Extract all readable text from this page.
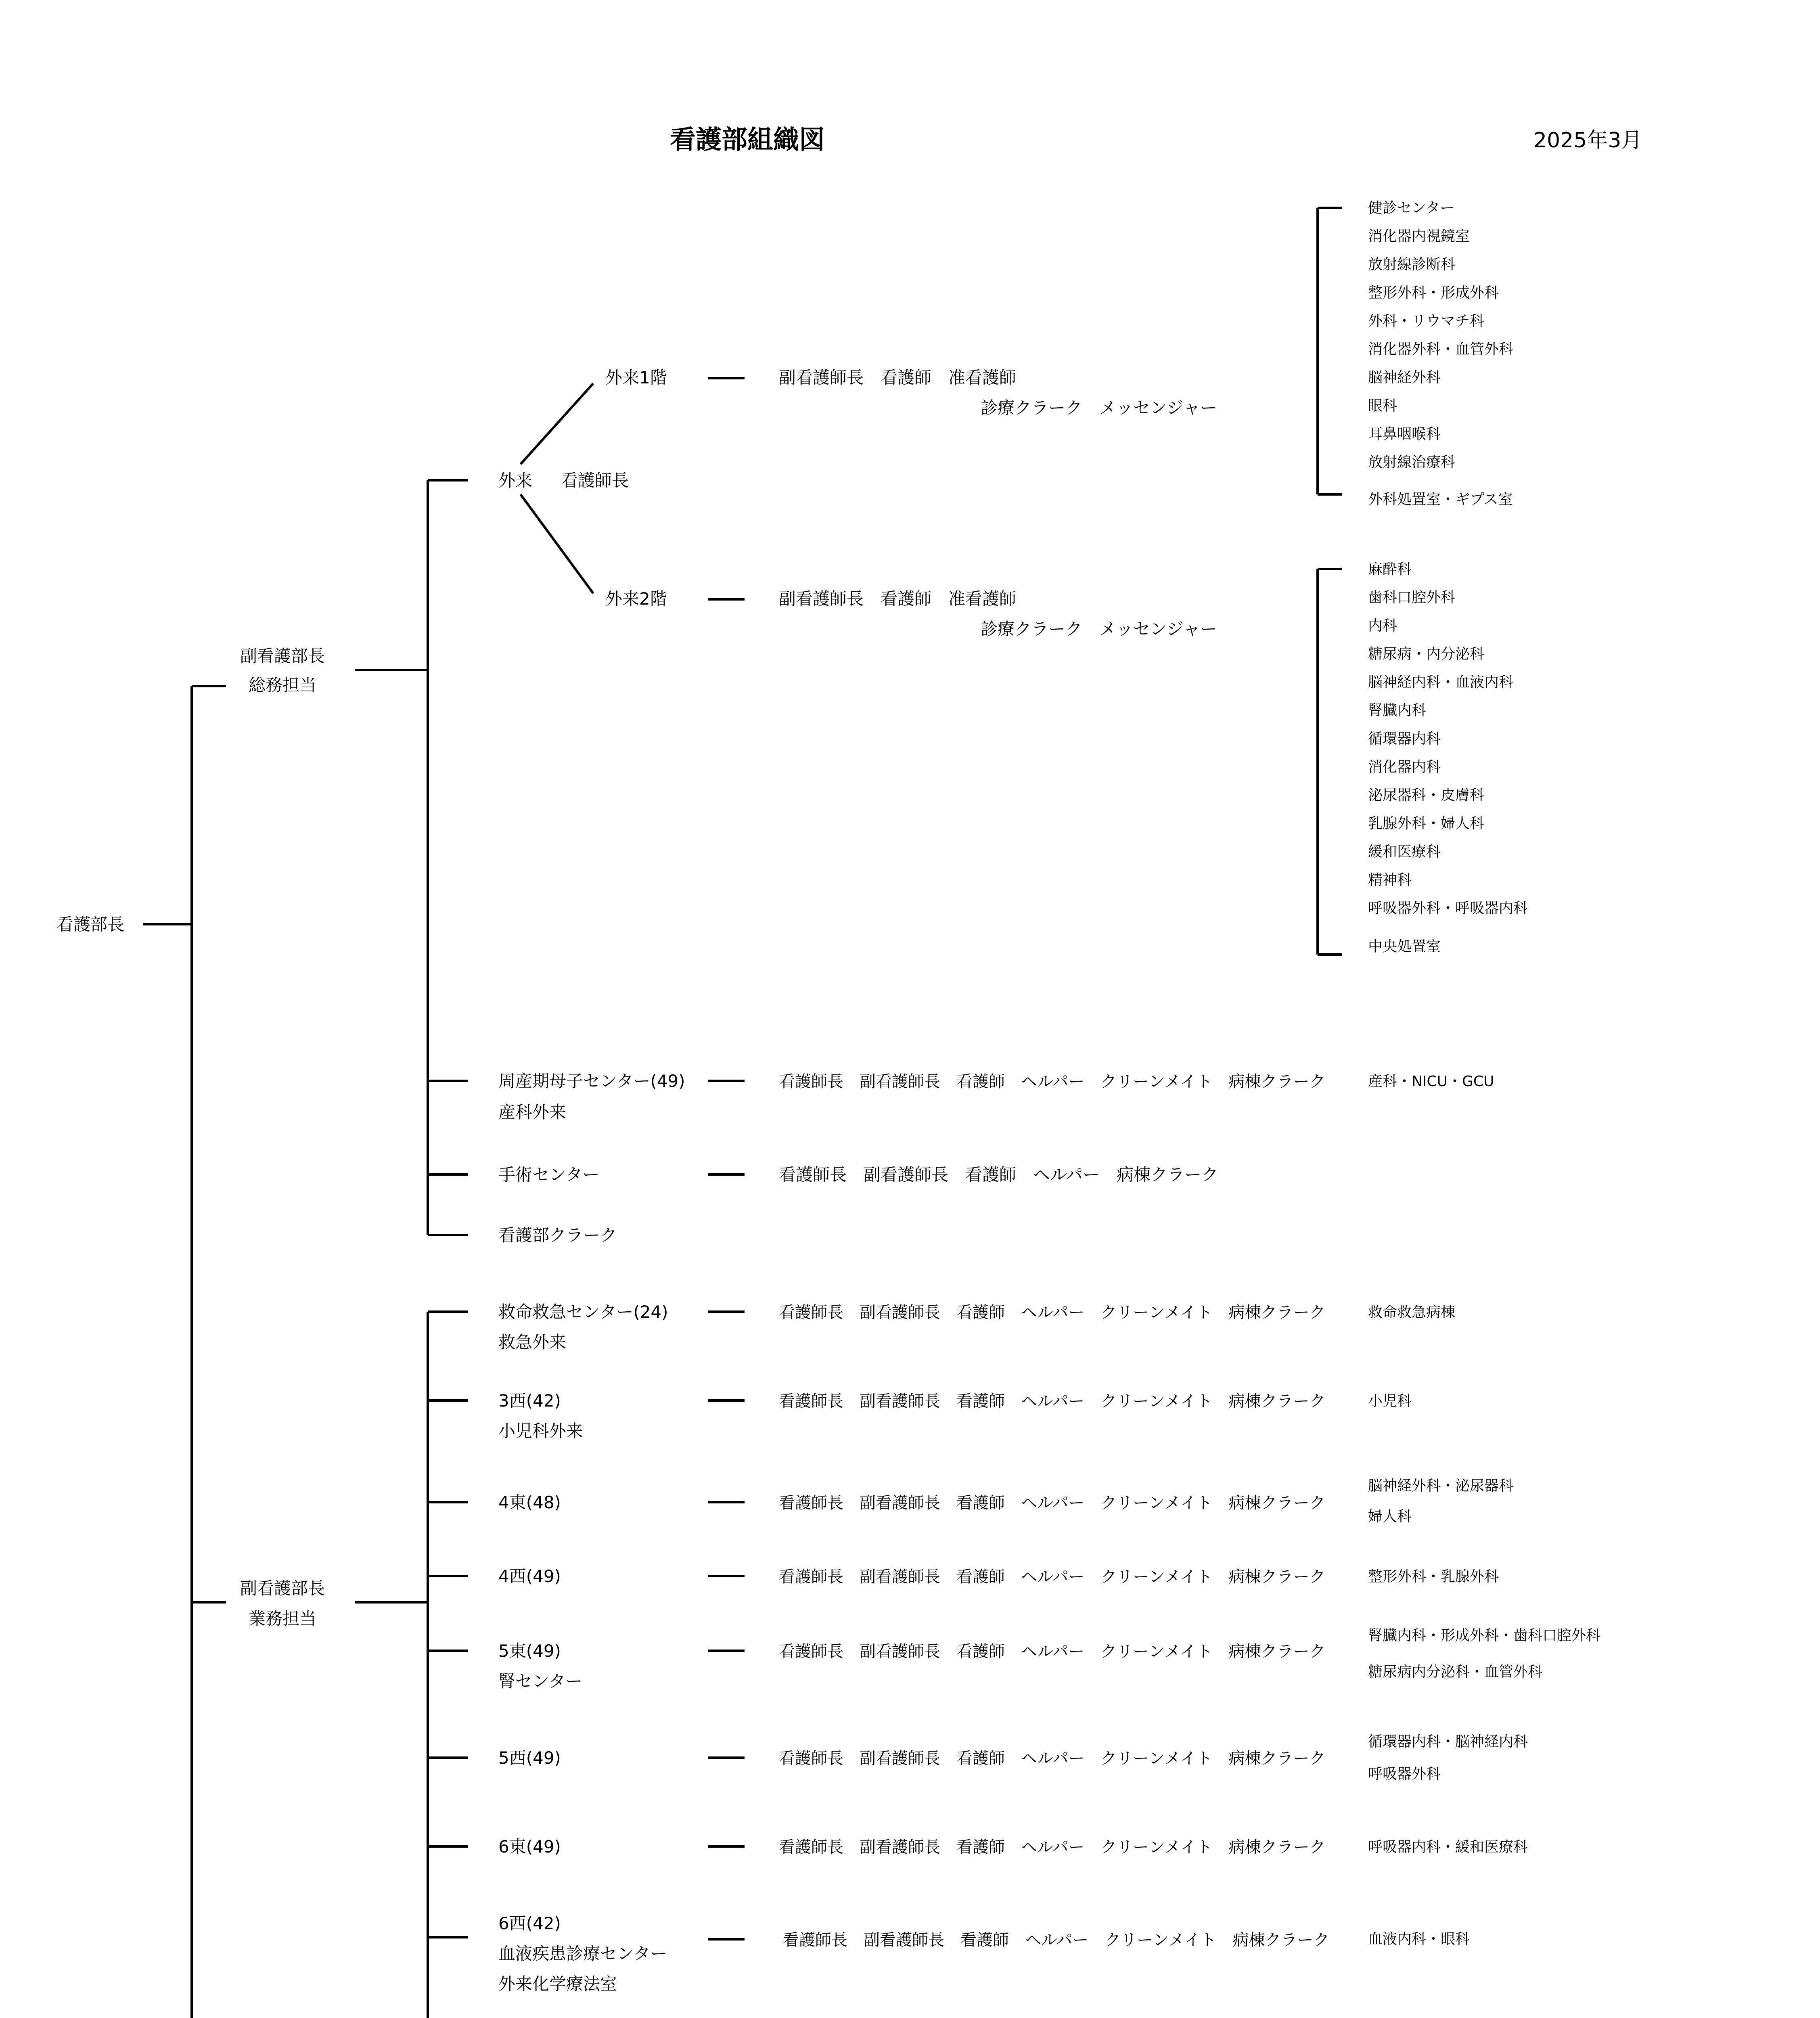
看護部組織図	2025年3月
看護部長
副看護部長
総務担当
外来 看護師長
外来1階	副看護師長　看護師　准看護師
診療クラーク　メッセンジャー
外来2階	副看護師長　看護師　准看護師
診療クラーク　メッセンジャー
健診センター
消化器内視鏡室
放射線診断科
整形外科・形成外科
外科・リウマチ科
消化器外科・血管外科
脳神経外科
眼科
耳鼻咽喉科
放射線治療科
外科処置室・ギプス室
麻酔科
歯科口腔外科
内科
糖尿病・内分泌科
脳神経内科・血液内科
腎臓内科
循環器内科
消化器内科
泌尿器科・皮膚科
乳腺外科・婦人科
緩和医療科
精神科
呼吸器外科・呼吸器内科
中央処置室
周産期母子センター(49)
産科外来
看護師長　副看護師長　看護師　ヘルパー　クリーンメイト　病棟クラーク	産科・NICU・GCU
手術センター	看護師長　副看護師長　看護師　ヘルパー　病棟クラーク
看護部クラーク
副看護部長
業務担当
救命救急センター(24)
救急外来
看護師長　副看護師長　看護師　ヘルパー　クリーンメイト　病棟クラーク	救命救急病棟
3西(42)
小児科外来
看護師長　副看護師長　看護師　ヘルパー　クリーンメイト　病棟クラーク	小児科
4東(48)	看護師長　副看護師長　看護師　ヘルパー　クリーンメイト　病棟クラーク
脳神経外科・泌尿器科
婦人科
4西(49)	看護師長　副看護師長　看護師　ヘルパー　クリーンメイト　病棟クラーク	整形外科・乳腺外科
5東(49)
腎センター
看護師長　副看護師長　看護師　ヘルパー　クリーンメイト　病棟クラーク
腎臓内科・形成外科・歯科口腔外科
糖尿病内分泌科・血管外科
5西(49)	看護師長　副看護師長　看護師　ヘルパー　クリーンメイト　病棟クラーク
循環器内科・脳神経内科
呼吸器外科
6東(49)	看護師長　副看護師長　看護師　ヘルパー　クリーンメイト　病棟クラーク	呼吸器内科・緩和医療科
6西(42)
血液疾患診療センター
外来化学療法室
看護師長　副看護師長　看護師　ヘルパー　クリーンメイト　病棟クラーク	血液内科・眼科
